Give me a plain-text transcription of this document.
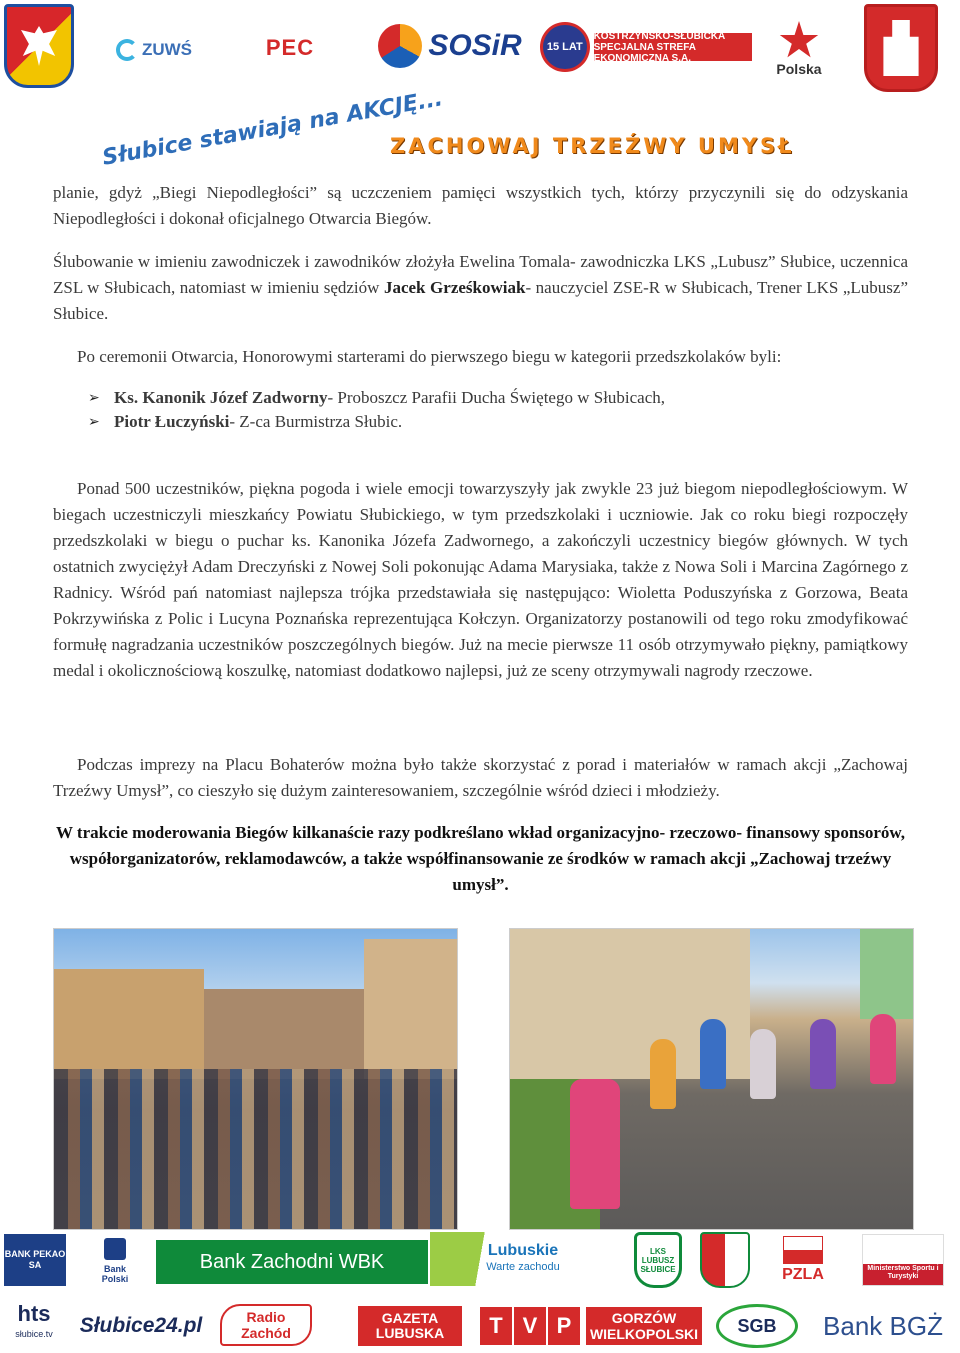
ZUWŚ	PEC	SOSiR	15 LAT
KOSTRZYŃSKO-SŁUBICKA SPECJALNA STREFA EKONOMICZNA S.A.
Polska
Słubice stawiają na AKCJĘ...
ZACHOWAJ TRZEŹWY UMYSŁ

planie, gdyż „Biegi Niepodległości” są uczczeniem pamięci wszystkich tych, którzy przyczynili się do odzyskania Niepodległości i dokonał oficjalnego Otwarcia Biegów.

Ślubowanie w imieniu zawodniczek i zawodników złożyła Ewelina Tomala- zawodniczka LKS „Lubusz” Słubice, uczennica ZSL w Słubicach, natomiast w imieniu sędziów Jacek Grześkowiak- nauczyciel ZSE-R w Słubicach, Trener LKS „Lubusz” Słubice.

Po ceremonii Otwarcia, Honorowymi starterami do pierwszego biegu w kategorii przedszkolaków byli:

➢ Ks. Kanonik Józef Zadworny- Proboszcz Parafii Ducha Świętego w Słubicach,
➢ Piotr Łuczyński- Z-ca Burmistrza Słubic.

Ponad 500 uczestników, piękna pogoda i wiele emocji towarzyszyły jak zwykle 23 już biegom niepodległościowym. W biegach uczestniczyli mieszkańcy Powiatu Słubickiego, w tym przedszkolaki i uczniowie. Jak co roku biegi rozpoczęły przedszkolaki w biegu o puchar ks. Kanonika Józefa Zadwornego, a zakończyli uczestnicy biegów głównych. W tych ostatnich zwyciężył Adam Dreczyński z Nowej Soli pokonując Adama Marysiaka, także z Nowa Soli i Marcina Zagórnego z Radnicy. Wśród pań natomiast najlepsza trójka przedstawiała się następująco: Wioletta Poduszyńska z Gorzowa, Beata Pokrzywińska z Polic i Lucyna Poznańska reprezentująca Kołczyn. Organizatorzy postanowili od tego roku zmodyfikować formułę nagradzania uczestników poszczególnych biegów. Już na mecie pierwsze 11 osób otrzymywało piękny, pamiątkowy medal i okolicznościową koszulkę, natomiast dodatkowo najlepsi, już ze sceny otrzymywali nagrody rzeczowe.

Podczas imprezy na Placu Bohaterów można było także skorzystać z porad i materiałów w ramach akcji „Zachowaj Trzeźwy Umysł”, co cieszyło się dużym zainteresowaniem, szczególnie wśród dzieci i młodzieży.

W trakcie moderowania Biegów kilkanaście razy podkreślano wkład organizacyjno- rzeczowo- finansowy sponsorów, współorganizatorów, reklamodawców, a także współfinansowanie ze środków w ramach akcji „Zachowaj trzeźwy umysł”.

BANK PEKAO SA	Bank Polski
Bank Zachodni WBK	Lubuskie
Warte zachodu
LKS LUBUSZ SŁUBICE	PZLA	Ministerstwo Sportu i Turystyki
hts
słubice.tv	Słubice24.pl	Radio Zachód
GAZETA LUBUSKA	T V P	GORZÓW WIELKOPOLSKI	SGB	Bank BGŻ
